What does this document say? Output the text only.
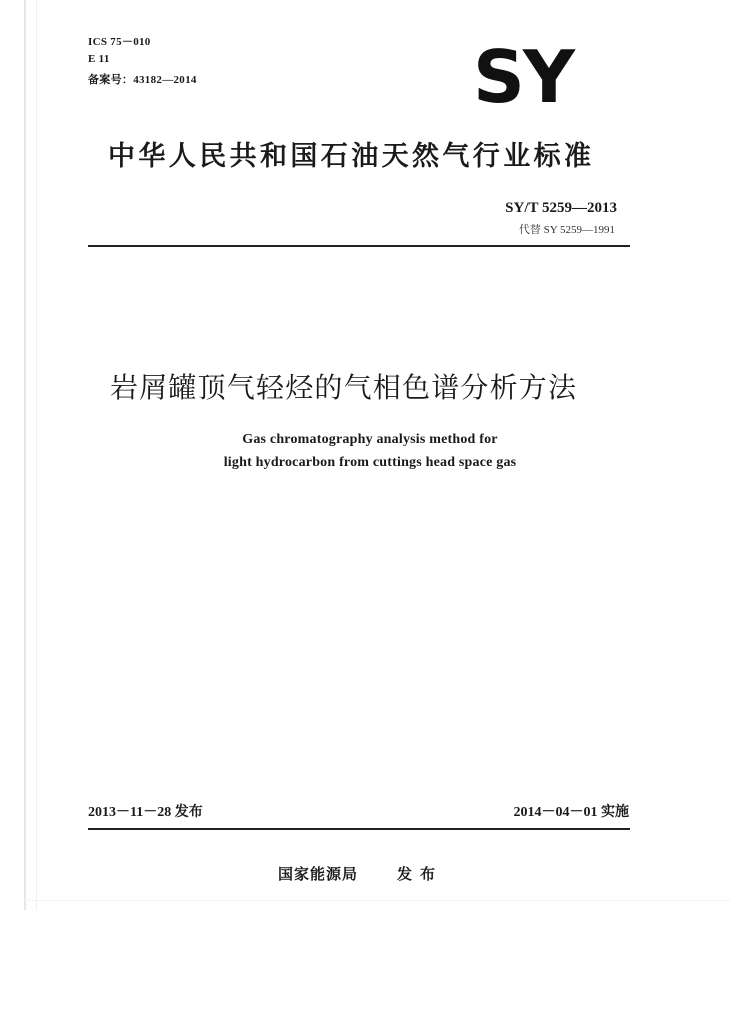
ICS 75－010
E 11
备案号：43182—2014	SY
中华人民共和国石油天然气行业标准
SY/T 5259—2013
代替 SY 5259—1991
岩屑罐顶气轻烃的气相色谱分析方法
Gas chromatography analysis method for
light hydrocarbon from cuttings head space gas
2013－11－28 发布	2014－04－01 实施
国家能源局	发布
